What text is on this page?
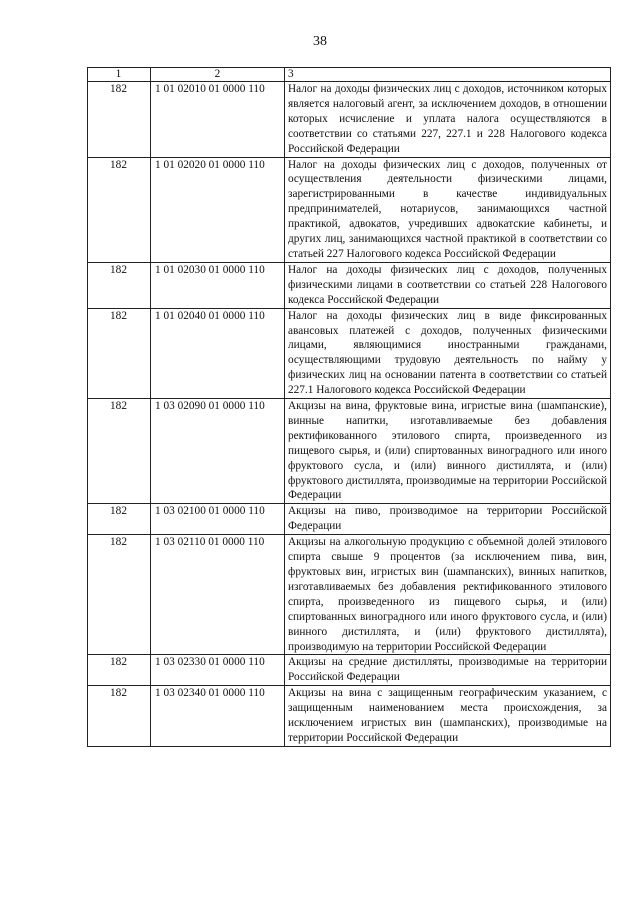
38
1	2	3
182	1 01 02010 01 0000 110	Налог на доходы физических лиц с доходов, источником которых является налоговый агент, за исключением доходов, в отношении которых исчисление и уплата налога осуществляются в соответствии со статьями 227, 227.1 и 228 Налогового кодекса Российской Федерации
182	1 01 02020 01 0000 110	Налог на доходы физических лиц с доходов, полученных от осуществления деятельности физическими лицами, зарегистрированными в качестве индивидуальных предпринимателей, нотариусов, занимающихся частной практикой, адвокатов, учредивших адвокатские кабинеты, и других лиц, занимающихся частной практикой в соответствии со статьей 227 Налогового кодекса Российской Федерации
182	1 01 02030 01 0000 110	Налог на доходы физических лиц с доходов, полученных физическими лицами в соответствии со статьей 228 Налогового кодекса Российской Федерации
182	1 01 02040 01 0000 110	Налог на доходы физических лиц в виде фиксированных авансовых платежей с доходов, полученных физическими лицами, являющимися иностранными гражданами, осуществляющими трудовую деятельность по найму у физических лиц на основании патента в соответствии со статьей 227.1 Налогового кодекса Российской Федерации
182	1 03 02090 01 0000 110	Акцизы на вина, фруктовые вина, игристые вина (шампанские), винные напитки, изготавливаемые без добавления ректификованного этилового спирта, произведенного из пищевого сырья, и (или) спиртованных виноградного или иного фруктового сусла, и (или) винного дистиллята, и (или) фруктового дистиллята, производимые на территории Российской Федерации
182	1 03 02100 01 0000 110	Акцизы на пиво, производимое на территории Российской Федерации
182	1 03 02110 01 0000 110	Акцизы на алкогольную продукцию с объемной долей этилового спирта свыше 9 процентов (за исключением пива, вин, фруктовых вин, игристых вин (шампанских), винных напитков, изготавливаемых без добавления ректификованного этилового спирта, произведенного из пищевого сырья, и (или) спиртованных виноградного или иного фруктового сусла, и (или) винного дистиллята, и (или) фруктового дистиллята), производимую на территории Российской Федерации
182	1 03 02330 01 0000 110	Акцизы на средние дистилляты, производимые на территории Российской Федерации
182	1 03 02340 01 0000 110	Акцизы на вина с защищенным географическим указанием, с защищенным наименованием места происхождения, за исключением игристых вин (шампанских), производимые на территории Российской Федерации
